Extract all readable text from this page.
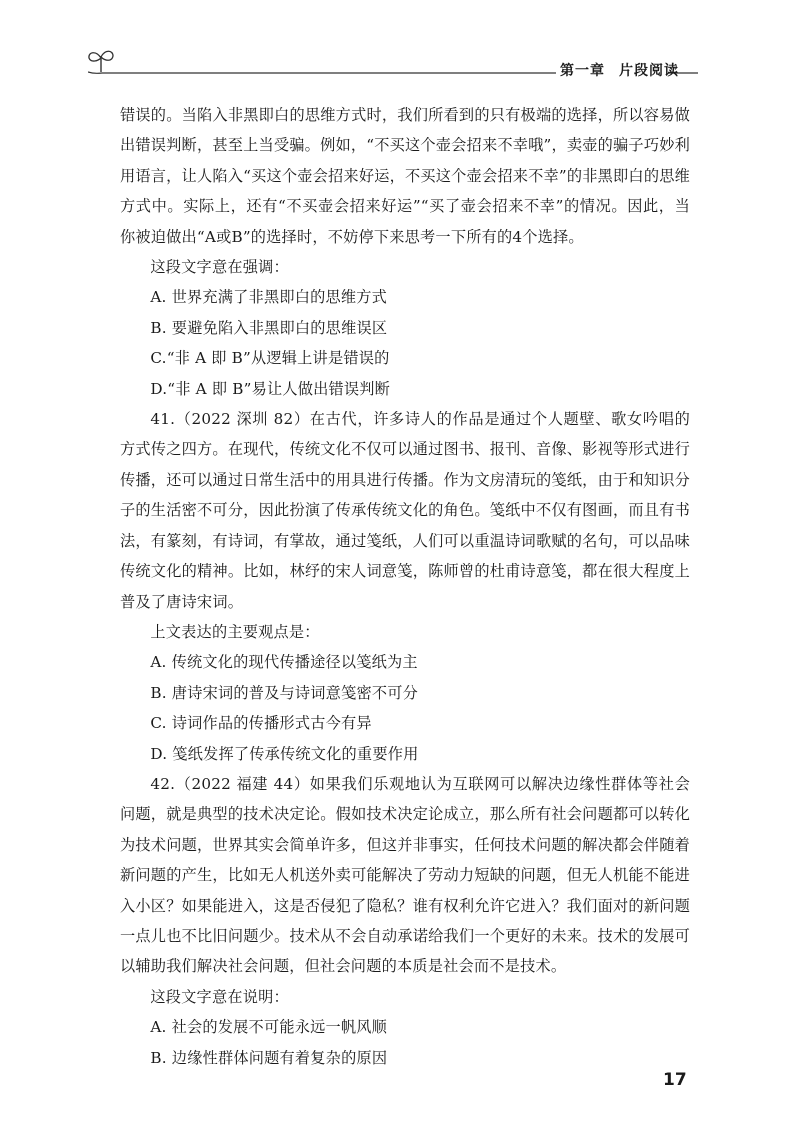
第一章 片段阅读

错误的。当陷入非黑即白的思维方式时，我们所看到的只有极端的选择，所以容易做出错误判断，甚至上当受骗。例如，“不买这个壶会招来不幸哦”，卖壶的骗子巧妙利用语言，让人陷入“买这个壶会招来好运，不买这个壶会招来不幸”的非黑即白的思维方式中。实际上，还有“不买壶会招来好运”“买了壶会招来不幸”的情况。因此，当你被迫做出“A或B”的选择时，不妨停下来思考一下所有的4个选择。

这段文字意在强调：

A. 世界充满了非黑即白的思维方式

B. 要避免陷入非黑即白的思维误区

C.“非 A 即 B”从逻辑上讲是错误的

D.“非 A 即 B”易让人做出错误判断

41.（2022 深圳 82）在古代，许多诗人的作品是通过个人题壁、歌女吟唱的方式传之四方。在现代，传统文化不仅可以通过图书、报刊、音像、影视等形式进行传播，还可以通过日常生活中的用具进行传播。作为文房清玩的笺纸，由于和知识分子的生活密不可分，因此扮演了传承传统文化的角色。笺纸中不仅有图画，而且有书法，有篆刻，有诗词，有掌故，通过笺纸，人们可以重温诗词歌赋的名句，可以品味传统文化的精神。比如，林纾的宋人词意笺，陈师曾的杜甫诗意笺，都在很大程度上普及了唐诗宋词。

上文表达的主要观点是：

A. 传统文化的现代传播途径以笺纸为主

B. 唐诗宋词的普及与诗词意笺密不可分

C. 诗词作品的传播形式古今有异

D. 笺纸发挥了传承传统文化的重要作用

42.（2022 福建 44）如果我们乐观地认为互联网可以解决边缘性群体等社会问题，就是典型的技术决定论。假如技术决定论成立，那么所有社会问题都可以转化为技术问题，世界其实会简单许多，但这并非事实，任何技术问题的解决都会伴随着新问题的产生，比如无人机送外卖可能解决了劳动力短缺的问题，但无人机能不能进入小区？如果能进入，这是否侵犯了隐私？谁有权利允许它进入？我们面对的新问题一点儿也不比旧问题少。技术从不会自动承诺给我们一个更好的未来。技术的发展可以辅助我们解决社会问题，但社会问题的本质是社会而不是技术。

这段文字意在说明：

A. 社会的发展不可能永远一帆风顺

B. 边缘性群体问题有着复杂的原因

17
